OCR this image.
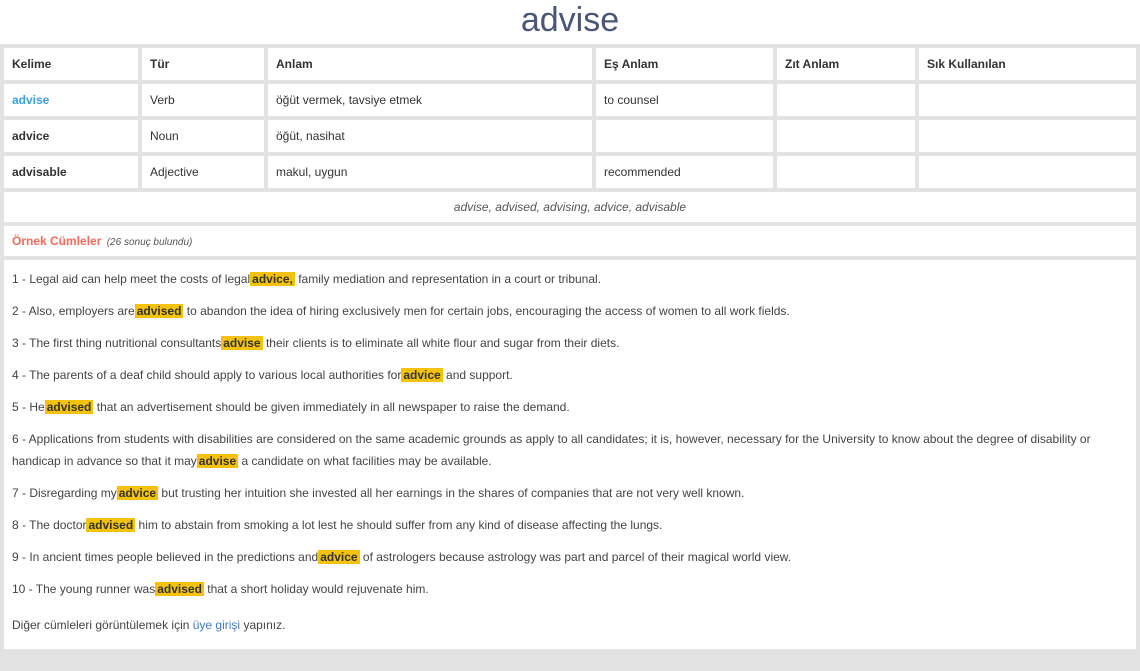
advise
Kelime	Tür	Anlam	Eş Anlam	Zıt Anlam	Sık Kullanılan
advise	Verb	öğüt vermek, tavsiye etmek	to counsel		
advice	Noun	öğüt, nasihat			
advisable	Adjective	makul, uygun	recommended		
advise, advised, advising, advice, advisable
Örnek Cümleler (26 sonuç bulundu)

1 - Legal aid can help meet the costs of legal advice, family mediation and representation in a court or tribunal.

2 - Also, employers are advised to abandon the idea of hiring exclusively men for certain jobs, encouraging the access of women to all work fields.

3 - The first thing nutritional consultants advise their clients is to eliminate all white flour and sugar from their diets.

4 - The parents of a deaf child should apply to various local authorities for advice and support.

5 - He advised that an advertisement should be given immediately in all newspaper to raise the demand.

6 - Applications from students with disabilities are considered on the same academic grounds as apply to all candidates; it is, however, necessary for the University to know about the degree of disability or handicap in advance so that it may advise a candidate on what facilities may be available.

7 - Disregarding my advice but trusting her intuition she invested all her earnings in the shares of companies that are not very well known.

8 - The doctor advised him to abstain from smoking a lot lest he should suffer from any kind of disease affecting the lungs.

9 - In ancient times people believed in the predictions and advice of astrologers because astrology was part and parcel of their magical world view.

10 - The young runner was advised that a short holiday would rejuvenate him.

Diğer cümleleri görüntülemek için üye girişi yapınız.
